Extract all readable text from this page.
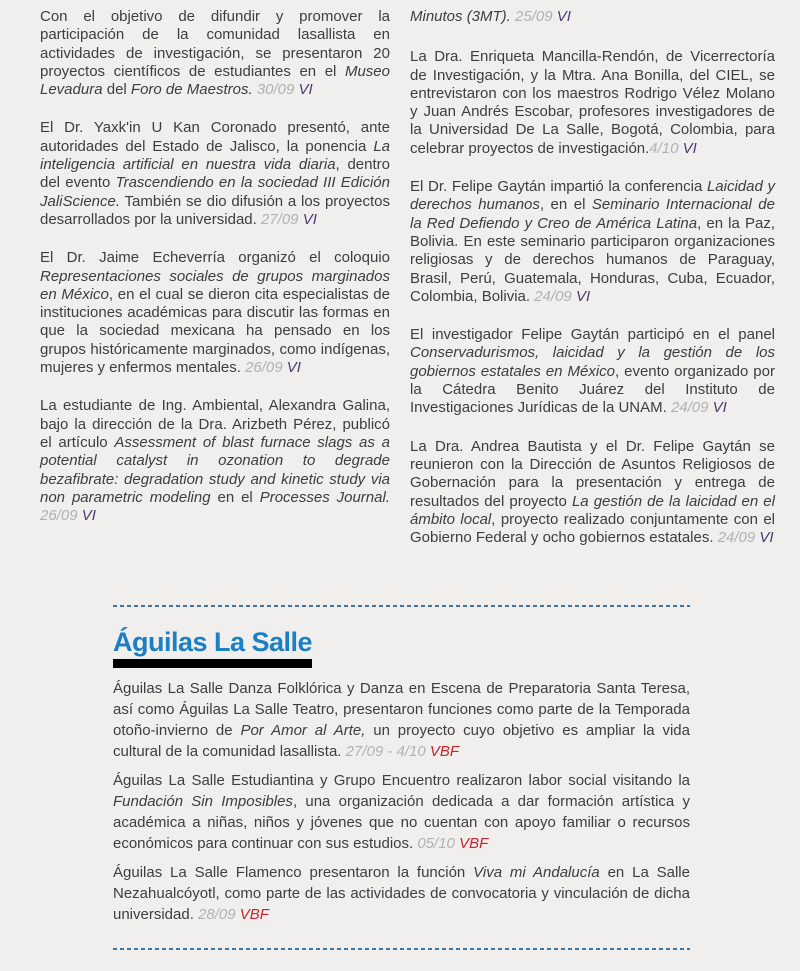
Con el objetivo de difundir y promover la participación de la comunidad lasallista en actividades de investigación, se presentaron 20 proyectos científicos de estudiantes en el Museo Levadura del Foro de Maestros. 30/09 VI

El Dr. Yaxk'in U Kan Coronado presentó, ante autoridades del Estado de Jalisco, la ponencia La inteligencia artificial en nuestra vida diaria, dentro del evento Trascendiendo en la sociedad III Edición JaliScience. También se dio difusión a los proyectos desarrollados por la universidad. 27/09 VI

El Dr. Jaime Echeverría organizó el coloquio Representaciones sociales de grupos marginados en México, en el cual se dieron cita especialistas de instituciones académicas para discutir las formas en que la sociedad mexicana ha pensado en los grupos históricamente marginados, como indígenas, mujeres y enfermos mentales. 26/09 VI

La estudiante de Ing. Ambiental, Alexandra Galina, bajo la dirección de la Dra. Arizbeth Pérez, publicó el artículo Assessment of blast furnace slags as a potential catalyst in ozonation to degrade bezafibrate: degradation study and kinetic study via non parametric modeling en el Processes Journal. 26/09 VI

Minutos (3MT). 25/09 VI

La Dra. Enriqueta Mancilla-Rendón, de Vicerrectoría de Investigación, y la Mtra. Ana Bonilla, del CIEL, se entrevistaron con los maestros Rodrigo Vélez Molano y Juan Andrés Escobar, profesores investigadores de la Universidad De La Salle, Bogotá, Colombia, para celebrar proyectos de investigación.4/10 VI

El Dr. Felipe Gaytán impartió la conferencia Laicidad y derechos humanos, en el Seminario Internacional de la Red Defiendo y Creo de América Latina, en la Paz, Bolivia. En este seminario participaron organizaciones religiosas y de derechos humanos de Paraguay, Brasil, Perú, Guatemala, Honduras, Cuba, Ecuador, Colombia, Bolivia. 24/09 VI

El investigador Felipe Gaytán participó en el panel Conservadurismos, laicidad y la gestión de los gobiernos estatales en México, evento organizado por la Cátedra Benito Juárez del Instituto de Investigaciones Jurídicas de la UNAM. 24/09 VI

La Dra. Andrea Bautista y el Dr. Felipe Gaytán se reunieron con la Dirección de Asuntos Religiosos de Gobernación para la presentación y entrega de resultados del proyecto La gestión de la laicidad en el ámbito local, proyecto realizado conjuntamente con el Gobierno Federal y ocho gobiernos estatales. 24/09 VI

Águilas La Salle

Águilas La Salle Danza Folklórica y Danza en Escena de Preparatoria Santa Teresa, así como Águilas La Salle Teatro, presentaron funciones como parte de la Temporada otoño-invierno de Por Amor al Arte, un proyecto cuyo objetivo es ampliar la vida cultural de la comunidad lasallista. 27/09 - 4/10 VBF

Águilas La Salle Estudiantina y Grupo Encuentro realizaron labor social visitando la Fundación Sin Imposibles, una organización dedicada a dar formación artística y académica a niñas, niños y jóvenes que no cuentan con apoyo familiar o recursos económicos para continuar con sus estudios. 05/10 VBF

Águilas La Salle Flamenco presentaron la función Viva mi Andalucía en La Salle Nezahualcóyotl, como parte de las actividades de convocatoria y vinculación de dicha universidad. 28/09 VBF
